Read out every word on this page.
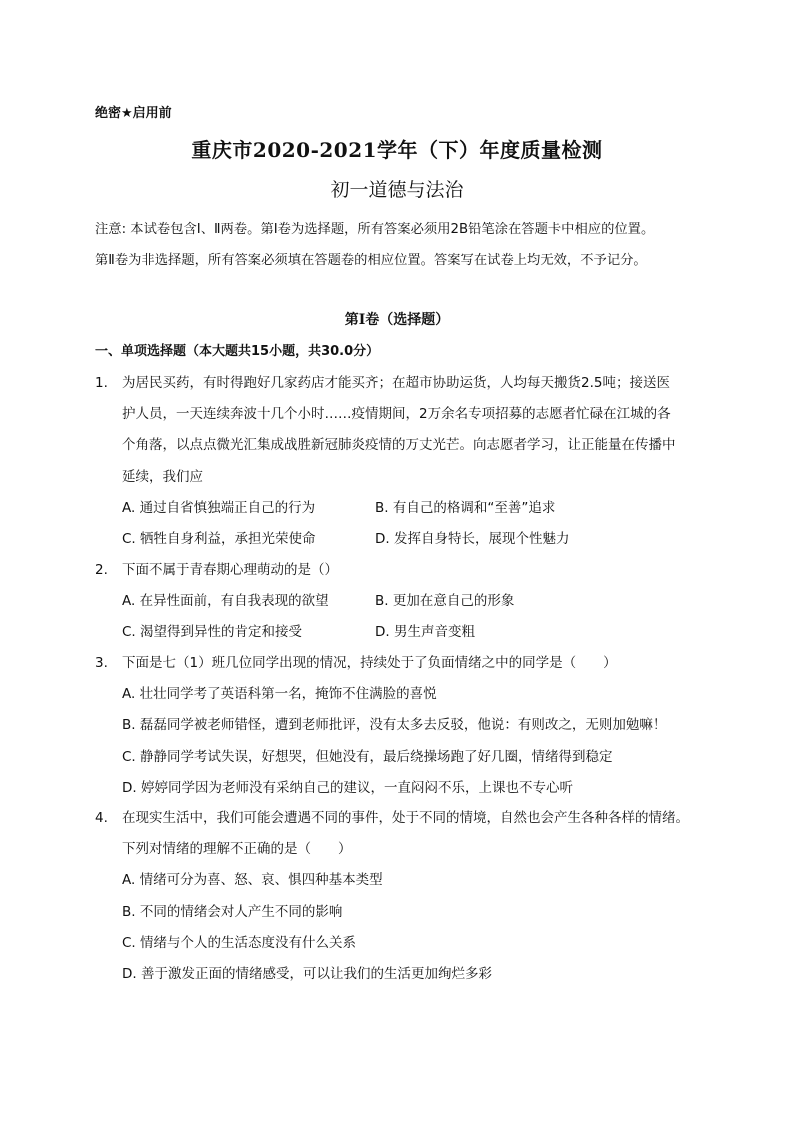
绝密★启用前
重庆市2020-2021学年（下）年度质量检测
初一道德与法治
注意: 本试卷包含Ⅰ、Ⅱ两卷。第Ⅰ卷为选择题，所有答案必须用2B铅笔涂在答题卡中相应的位置。
第Ⅱ卷为非选择题，所有答案必须填在答题卷的相应位置。答案写在试卷上均无效，不予记分。
第I卷（选择题）
一、单项选择题（本大题共15小题，共30.0分）
1.	为居民买药，有时得跑好几家药店才能买齐；在超市协助运货，人均每天搬货2.5吨；接送医
护人员，一天连续奔波十几个小时……疫情期间，2万余名专项招募的志愿者忙碌在江城的各
个角落，以点点微光汇集成战胜新冠肺炎疫情的万丈光芒。向志愿者学习，让正能量在传播中
延续，我们应
A. 通过自省慎独端正自己的行为	B. 有自己的格调和“至善”追求
C. 牺牲自身利益，承担光荣使命	D. 发挥自身特长，展现个性魅力
2.	下面不属于青春期心理萌动的是（）
A. 在异性面前，有自我表现的欲望	B. 更加在意自己的形象
C. 渴望得到异性的肯定和接受	D. 男生声音变粗
3.	下面是七（1）班几位同学出现的情况，持续处于了负面情绪之中的同学是（　　）
A. 壮壮同学考了英语科第一名，掩饰不住满脸的喜悦
B. 磊磊同学被老师错怪，遭到老师批评，没有太多去反驳，他说：有则改之，无则加勉嘛！
C. 静静同学考试失误，好想哭，但她没有，最后绕操场跑了好几圈，情绪得到稳定
D. 婷婷同学因为老师没有采纳自己的建议，一直闷闷不乐，上课也不专心听
4.	在现实生活中，我们可能会遭遇不同的事件，处于不同的情境，自然也会产生各种各样的情绪。
下列对情绪的理解不正确的是（　　）
A. 情绪可分为喜、怒、哀、惧四种基本类型
B. 不同的情绪会对人产生不同的影响
C. 情绪与个人的生活态度没有什么关系
D. 善于激发正面的情绪感受，可以让我们的生活更加绚烂多彩
